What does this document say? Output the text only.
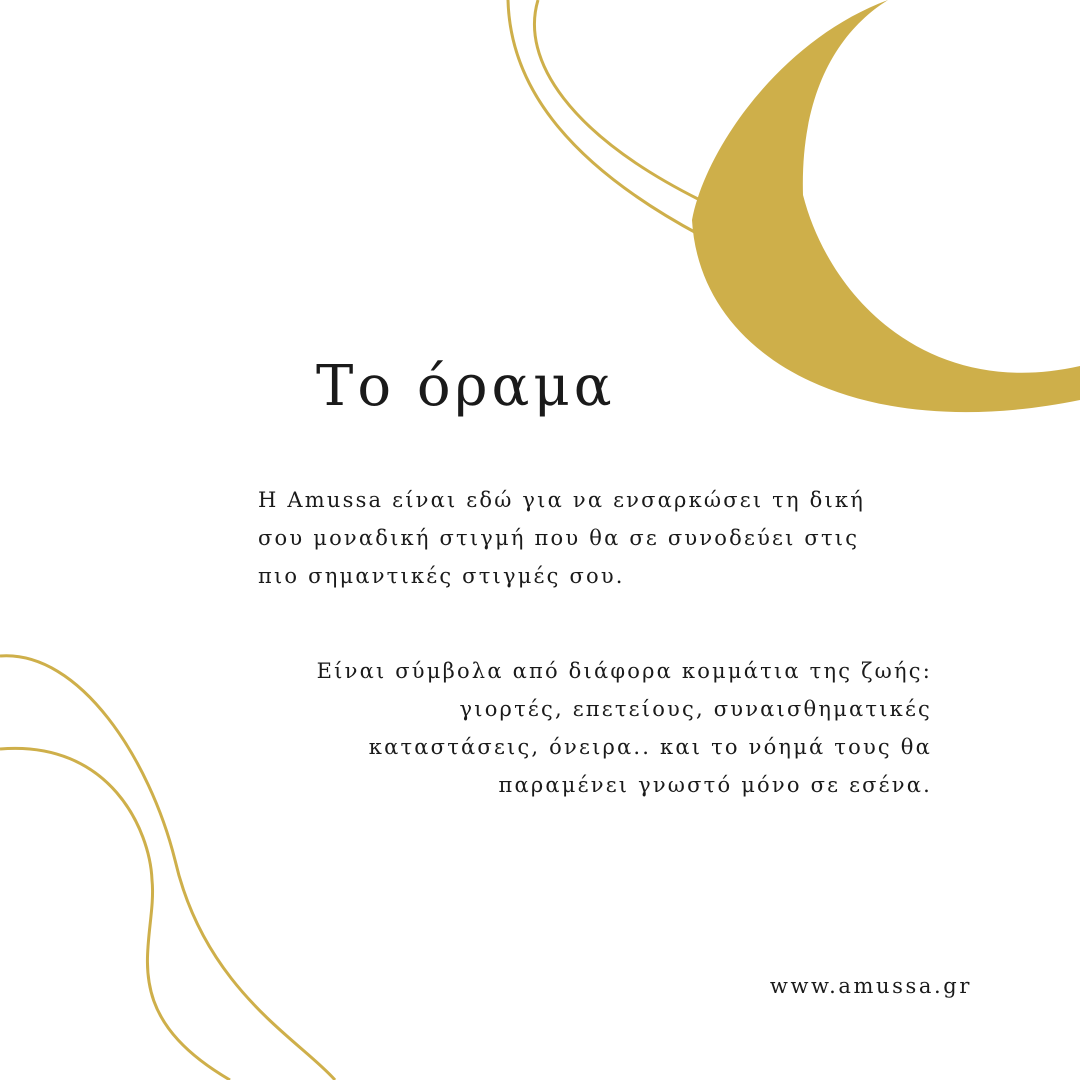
Το όραμα

Η Amussa είναι εδώ για να ενσαρκώσει τη δική
σου μοναδική στιγμή που θα σε συνοδεύει στις
πιο σημαντικές στιγμές σου.

Είναι σύμβολα από διάφορα κομμάτια της ζωής:
γιορτές, επετείους, συναισθηματικές
καταστάσεις, όνειρα.. και το νόημά τους θα
παραμένει γνωστό μόνο σε εσένα.

www.amussa.gr
